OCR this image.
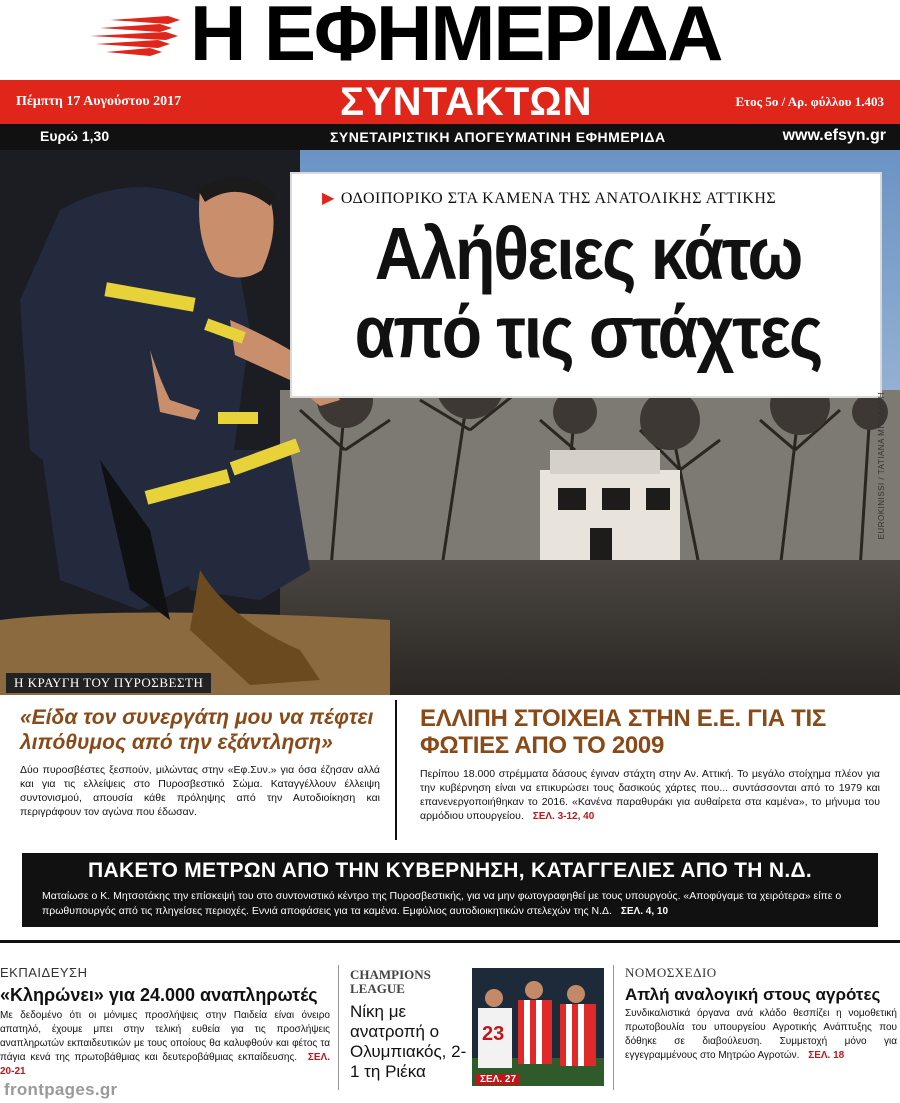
Η ΕΦΗΜΕΡΙΔΑ
Πέμπτη 17 Αυγούστου 2017	ΣΥΝΤΑΚΤΩΝ	Ετος 5ο / Αρ. φύλλου 1.403
Ευρώ 1,30	ΣΥΝΕΤΑΙΡΙΣΤΙΚΗ ΑΠΟΓΕΥΜΑΤΙΝΗ ΕΦΗΜΕΡΙΔΑ	www.efsyn.gr
▶ ΟΔΟΙΠΟΡΙΚΟ ΣΤΑ ΚΑΜΕΝΑ ΤΗΣ ΑΝΑΤΟΛΙΚΗΣ ΑΤΤΙΚΗΣ
Αλήθειες κάτω
από τις στάχτες
EUROKINISSI / ΤΑΤΙΑΝΑ ΜΠΟΛΑΡΗ
Η ΚΡΑΥΓΗ ΤΟΥ ΠΥΡΟΣΒΕΣΤΗ
«Είδα τον συνεργάτη μου να πέφτει λιπόθυμος από την εξάντληση»
Δύο πυροσβέστες ξεσπούν, μιλώντας στην «Εφ.Συν.» για όσα έζησαν αλλά και για τις ελλείψεις στο Πυροσβεστικό Σώμα. Καταγγέλλουν έλλειψη συντονισμού, απουσία κάθε πρόληψης από την Αυτοδιοίκηση και περιγράφουν τον αγώνα που έδωσαν.
ΕΛΛΙΠΗ ΣΤΟΙΧΕΙΑ ΣΤΗΝ Ε.Ε. ΓΙΑ ΤΙΣ ΦΩΤΙΕΣ ΑΠΟ ΤΟ 2009
Περίπου 18.000 στρέμματα δάσους έγιναν στάχτη στην Αν. Αττική. Το μεγάλο στοίχημα πλέον για την κυβέρνηση είναι να επικυρώσει τους δασικούς χάρτες που... συντάσσονται από το 1979 και επανενεργοποιήθηκαν το 2016. «Κανένα παραθυράκι για αυθαίρετα στα καμένα», το μήνυμα του αρμόδιου υπουργείου. ΣΕΛ. 3-12, 40
ΠΑΚΕΤΟ ΜΕΤΡΩΝ ΑΠΟ ΤΗΝ ΚΥΒΕΡΝΗΣΗ, ΚΑΤΑΓΓΕΛΙΕΣ ΑΠΟ ΤΗ Ν.Δ.
Ματαίωσε ο Κ. Μητσοτάκης την επίσκεψή του στο συντονιστικό κέντρο της Πυροσβεστικής, για να μην φωτογραφηθεί με τους υπουργούς. «Αποφύγαμε τα χειρότερα» είπε ο πρωθυπουργός από τις πληγείσες περιοχές. Εννιά αποφάσεις για τα καμένα. Εμφύλιος αυτοδιοικητικών στελεχών της Ν.Δ. ΣΕΛ. 4, 10
ΕΚΠΑΙΔΕΥΣΗ
«Κληρώνει» για 24.000 αναπληρωτές
Με δεδομένο ότι οι μόνιμες προσλήψεις στην Παιδεία είναι όνειρο απατηλό, έχουμε μπει στην τελική ευθεία για τις προσλήψεις αναπληρωτών εκπαιδευτικών με τους οποίους θα καλυφθούν και φέτος τα πάγια κενά της πρωτοβάθμιας και δευτεροβάθμιας εκπαίδευσης. ΣΕΛ. 20-21
CHAMPIONS LEAGUE
Νίκη με ανατροπή ο Ολυμπιακός, 2-1 τη Ριέκα
23
ΣΕΛ. 27
ΝΟΜΟΣΧΕΔΙΟ
Απλή αναλογική στους αγρότες
Συνδικαλιστικά όργανα ανά κλάδο θεσπίζει η νομοθετική πρωτοβουλία του υπουργείου Αγροτικής Ανάπτυξης που δόθηκε σε διαβούλευση. Συμμετοχή μόνο για εγγεγραμμένους στο Μητρώο Αγροτών. ΣΕΛ. 18
frontpages.gr
